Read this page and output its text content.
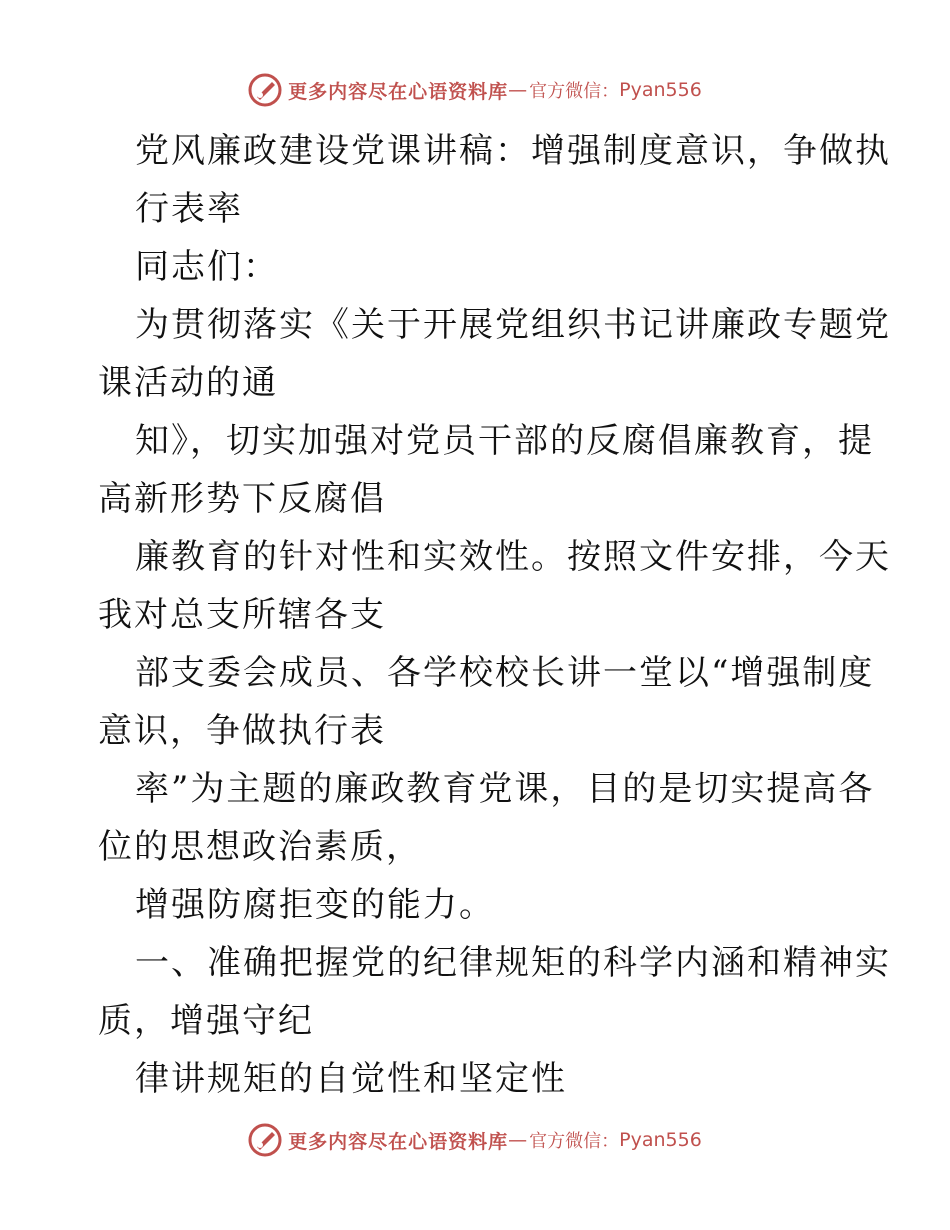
更多内容尽在心语资料库 — 官方微信： Pyan556
党风廉政建设党课讲稿：增强制度意识，争做执
行表率
同志们：
为贯彻落实《关于开展党组织书记讲廉政专题党
课活动的通
知》，切实加强对党员干部的反腐倡廉教育，提
高新形势下反腐倡
廉教育的针对性和实效性。按照文件安排，今天
我对总支所辖各支
部支委会成员、各学校校长讲一堂以“增强制度
意识，争做执行表
率”为主题的廉政教育党课，目的是切实提高各
位的思想政治素质，
增强防腐拒变的能力。
一、准确把握党的纪律规矩的科学内涵和精神实
质，增强守纪
律讲规矩的自觉性和坚定性
更多内容尽在心语资料库 — 官方微信： Pyan556
